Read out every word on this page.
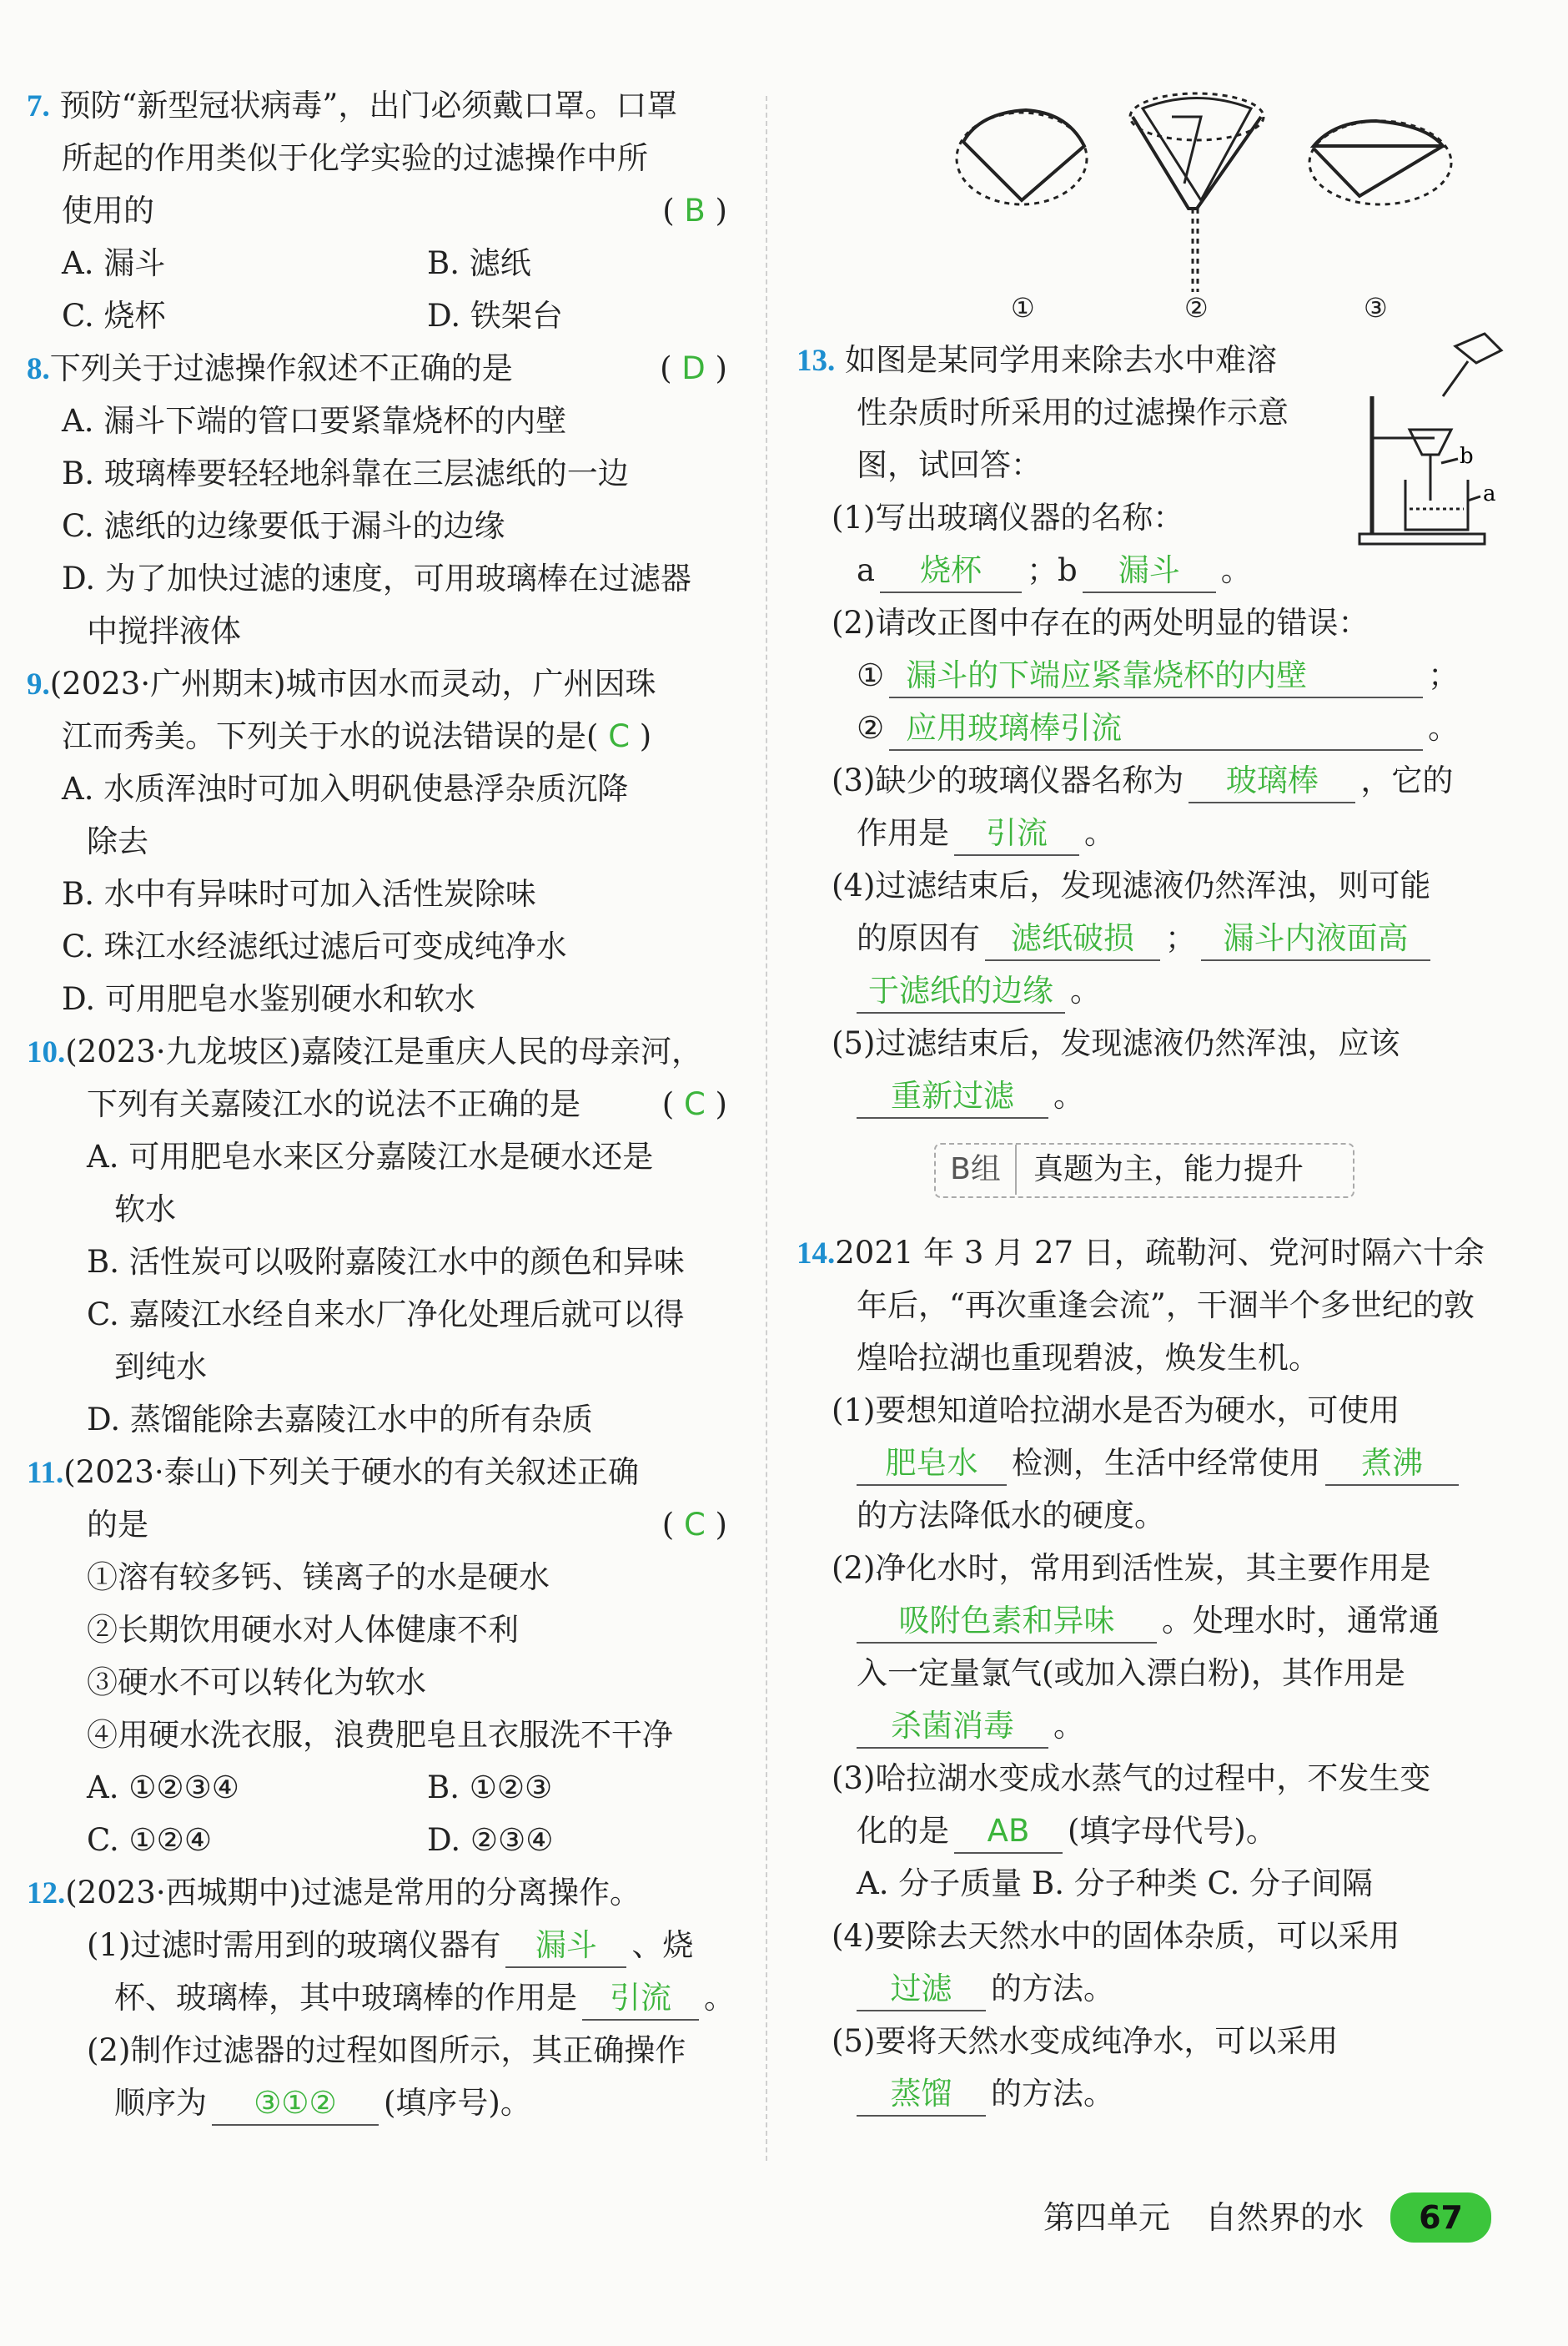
7. 预防“新型冠状病毒”，出门必须戴口罩。口罩
所起的作用类似于化学实验的过滤操作中所
使用的	( B )
A. 漏斗	B. 滤纸
C. 烧杯	D. 铁架台
8.下列关于过滤操作叙述不正确的是	( D )
A. 漏斗下端的管口要紧靠烧杯的内壁
B. 玻璃棒要轻轻地斜靠在三层滤纸的一边
C. 滤纸的边缘要低于漏斗的边缘
D. 为了加快过滤的速度，可用玻璃棒在过滤器
中搅拌液体
9.(2023·广州期末)城市因水而灵动，广州因珠
江而秀美。下列关于水的说法错误的是( C )
A. 水质浑浊时可加入明矾使悬浮杂质沉降
除去
B. 水中有异味时可加入活性炭除味
C. 珠江水经滤纸过滤后可变成纯净水
D. 可用肥皂水鉴别硬水和软水
10.(2023·九龙坡区)嘉陵江是重庆人民的母亲河，
下列有关嘉陵江水的说法不正确的是	( C )
A. 可用肥皂水来区分嘉陵江水是硬水还是
软水
B. 活性炭可以吸附嘉陵江水中的颜色和异味
C. 嘉陵江水经自来水厂净化处理后就可以得
到纯水
D. 蒸馏能除去嘉陵江水中的所有杂质
11.(2023·泰山)下列关于硬水的有关叙述正确
的是	( C )
①溶有较多钙、镁离子的水是硬水
②长期饮用硬水对人体健康不利
③硬水不可以转化为软水
④用硬水洗衣服，浪费肥皂且衣服洗不干净
A. ①②③④	B. ①②③
C. ①②④	D. ②③④
12.(2023·西城期中)过滤是常用的分离操作。
(1)过滤时需用到的玻璃仪器有 漏斗 、烧
杯、玻璃棒，其中玻璃棒的作用是 引流 。
(2)制作过滤器的过程如图所示，其正确操作
顺序为 ③①② (填序号)。
①	②	③
b
a
13. 如图是某同学用来除去水中难溶
性杂质时所采用的过滤操作示意
图，试回答：
(1)写出玻璃仪器的名称：
a 烧杯 ；b 漏斗 。
(2)请改正图中存在的两处明显的错误：
① 漏斗的下端应紧靠烧杯的内壁	；
② 应用玻璃棒引流	。
(3)缺少的玻璃仪器名称为 玻璃棒 ，它的
作用是 引流 。
(4)过滤结束后，发现滤液仍然浑浊，则可能
的原因有 滤纸破损 ； 漏斗内液面高
于滤纸的边缘 。
(5)过滤结束后，发现滤液仍然浑浊，应该
重新过滤 。
B组 真题为主，能力提升
14.2021 年 3 月 27 日，疏勒河、党河时隔六十余
年后，“再次重逢会流”，干涸半个多世纪的敦
煌哈拉湖也重现碧波，焕发生机。
(1)要想知道哈拉湖水是否为硬水，可使用
肥皂水 检测，生活中经常使用 煮沸
的方法降低水的硬度。
(2)净化水时，常用到活性炭，其主要作用是
吸附色素和异味 。处理水时，通常通
入一定量氯气(或加入漂白粉)，其作用是
杀菌消毒 。
(3)哈拉湖水变成水蒸气的过程中，不发生变
化的是 AB (填字母代号)。
A. 分子质量 B. 分子种类 C. 分子间隔
(4)要除去天然水中的固体杂质，可以采用
过滤 的方法。
(5)要将天然水变成纯净水，可以采用
蒸馏 的方法。
第四单元 自然界的水 67
